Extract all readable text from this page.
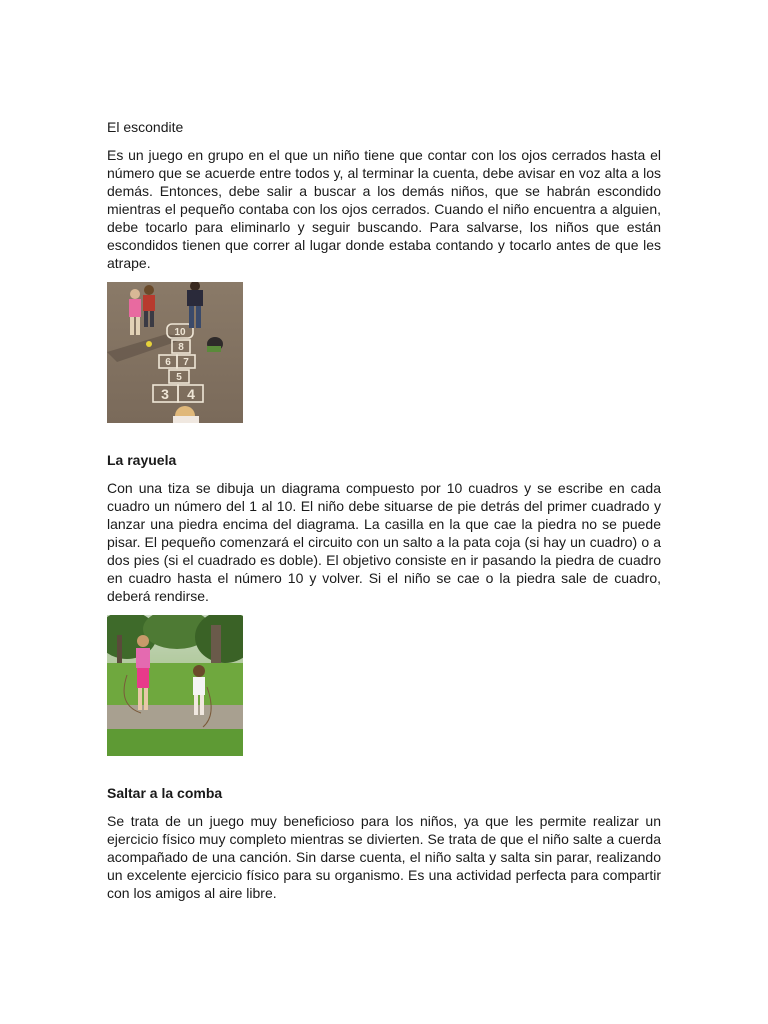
El escondite

Es un juego en grupo en el que un niño tiene que contar con los ojos cerrados hasta el número que se acuerde entre todos y, al terminar la cuenta, debe avisar en voz alta a los demás. Entonces, debe salir a buscar a los demás niños, que se habrán escondido mientras el pequeño contaba con los ojos cerrados. Cuando el niño encuentra a alguien, debe tocarlo para eliminarlo y seguir buscando. Para salvarse, los niños que están escondidos tienen que correr al lugar donde estaba contando y tocarlo antes de que les atrape.

10
8
6 7
5
3 4

La rayuela

Con una tiza se dibuja un diagrama compuesto por 10 cuadros y se escribe en cada cuadro un número del 1 al 10. El niño debe situarse de pie detrás del primer cuadrado y lanzar una piedra encima del diagrama. La casilla en la que cae la piedra no se puede pisar. El pequeño comenzará el circuito con un salto a la pata coja (si hay un cuadro) o a dos pies (si el cuadrado es doble). El objetivo consiste en ir pasando la piedra de cuadro en cuadro hasta el número 10 y volver. Si el niño se cae o la piedra sale de cuadro, deberá rendirse.

Saltar a la comba

Se trata de un juego muy beneficioso para los niños, ya que les permite realizar un ejercicio físico muy completo mientras se divierten. Se trata de que el niño salte a cuerda acompañado de una canción. Sin darse cuenta, el niño salta y salta sin parar, realizando un excelente ejercicio físico para su organismo. Es una actividad perfecta para compartir con los amigos al aire libre.
